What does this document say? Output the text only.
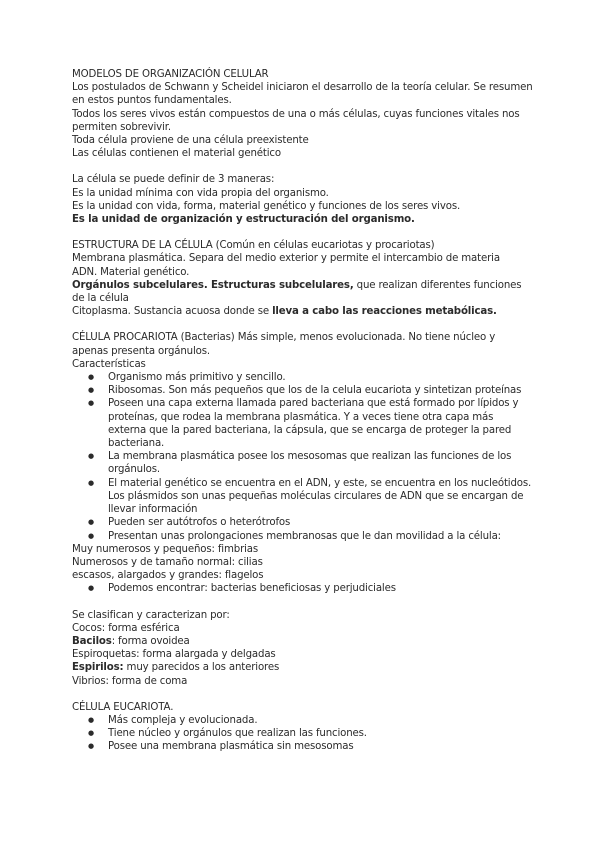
MODELOS DE ORGANIZACIÓN CELULAR

Los postulados de Schwann y Scheidel iniciaron el desarrollo de la teoría celular. Se resumen en estos puntos fundamentales.

Todos los seres vivos están compuestos de una o más células, cuyas funciones vitales nos permiten sobrevivir.

Toda célula proviene de una célula preexistente

Las células contienen el material genético

La célula se puede definir de 3 maneras:

Es la unidad mínima con vida propia del organismo.

Es la unidad con vida, forma, material genético y funciones de los seres vivos.

Es la unidad de organización y estructuración del organismo.

ESTRUCTURA DE LA CÉLULA (Común en células eucariotas y procariotas)

Membrana plasmática. Separa del medio exterior y permite el intercambio de materia

ADN. Material genético.

Orgánulos subcelulares. Estructuras subcelulares, que realizan diferentes funciones de la célula

Citoplasma. Sustancia acuosa donde se lleva a cabo las reacciones metabólicas.

CÉLULA PROCARIOTA (Bacterias) Más simple, menos evolucionada. No tiene núcleo y apenas presenta orgánulos.

Características

● Organismo más primitivo y sencillo.
● Ribosomas. Son más pequeños que los de la celula eucariota y sintetizan proteínas
● Poseen una capa externa llamada pared bacteriana que está formado por lípidos y proteínas, que rodea la membrana plasmática. Y a veces tiene otra capa más externa que la pared bacteriana, la cápsula, que se encarga de proteger la pared bacteriana.
● La membrana plasmática posee los mesosomas que realizan las funciones de los orgánulos.
● El material genético se encuentra en el ADN, y este, se encuentra en los nucleótidos. Los plásmidos son unas pequeñas moléculas circulares de ADN que se encargan de llevar información
● Pueden ser autótrofos o heterótrofos
● Presentan unas prolongaciones membranosas que le dan movilidad a la célula:

Muy numerosos y pequeños: fimbrias

Numerosos y de tamaño normal: cilias

escasos, alargados y grandes: flagelos

● Podemos encontrar: bacterias beneficiosas y perjudiciales

Se clasifican y caracterizan por:

Cocos: forma esférica

Bacilos: forma ovoidea

Espiroquetas: forma alargada y delgadas

Espirilos: muy parecidos a los anteriores

Vibrios: forma de coma

CÉLULA EUCARIOTA.

● Más compleja y evolucionada.
● Tiene núcleo y orgánulos que realizan las funciones.
● Posee una membrana plasmática sin mesosomas
